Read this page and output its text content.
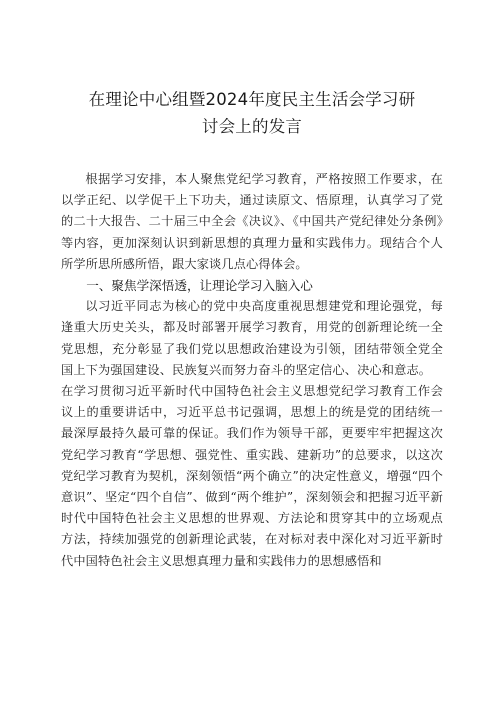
在理论中心组暨2024年度民主生活会学习研
讨会上的发言

根据学习安排，本人聚焦党纪学习教育，严格按照工作要求，在以学正纪、以学促干上下功夫，通过读原文、悟原理，认真学习了党的二十大报告、二十届三中全会《决议》、《中国共产党纪律处分条例》等内容，更加深刻认识到新思想的真理力量和实践伟力。现结合个人所学所思所感所悟，跟大家谈几点心得体会。

一、聚焦学深悟透，让理论学习入脑入心

以习近平同志为核心的党中央高度重视思想建党和理论强党，每逢重大历史关头，都及时部署开展学习教育，用党的创新理论统一全党思想，充分彰显了我们党以思想政治建设为引领，团结带领全党全国上下为强国建设、民族复兴而努力奋斗的坚定信心、决心和意志。

在学习贯彻习近平新时代中国特色社会主义思想党纪学习教育工作会议上的重要讲话中，习近平总书记强调，思想上的统是党的团结统一最深厚最持久最可靠的保证。我们作为领导干部，更要牢牢把握这次党纪学习教育“学思想、强党性、重实践、建新功”的总要求，以这次党纪学习教育为契机，深刻领悟“两个确立”的决定性意义，增强“四个意识”、坚定“四个自信”、做到“两个维护”，深刻领会和把握习近平新时代中国特色社会主义思想的世界观、方法论和贯穿其中的立场观点方法，持续加强党的创新理论武装，在对标对表中深化对习近平新时代中国特色社会主义思想真理力量和实践伟力的思想感悟和
